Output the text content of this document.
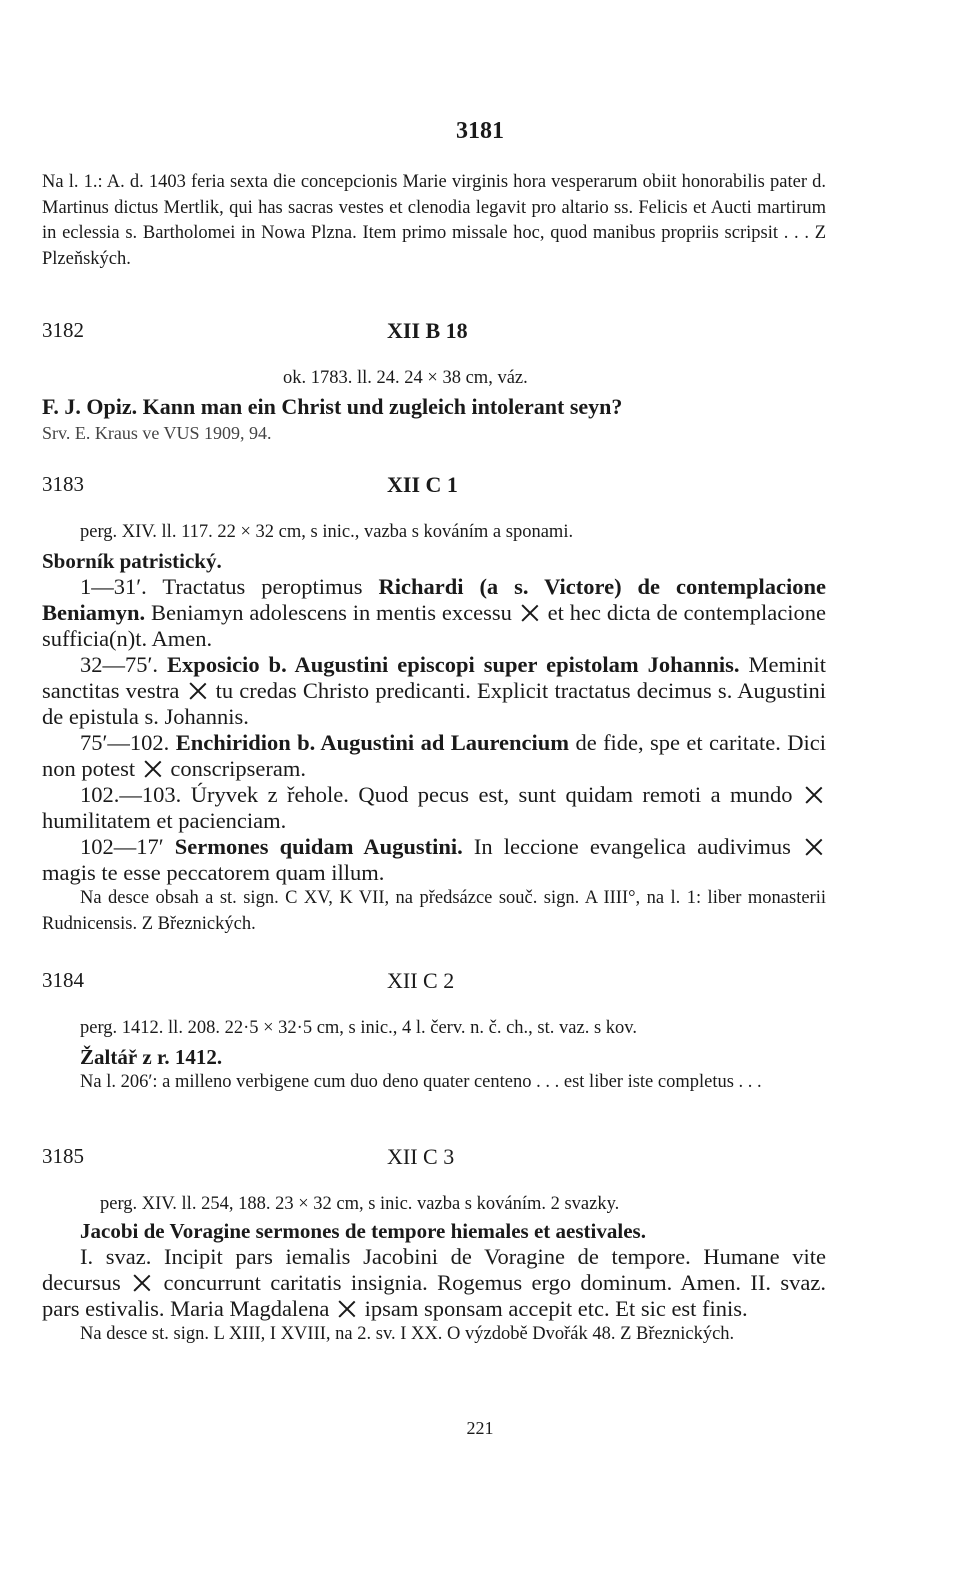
3181

Na l. 1.: A. d. 1403 feria sexta die concepcionis Marie virginis hora vesperarum obiit honorabilis pater d. Martinus dictus Mertlik, qui has sacras vestes et clenodia legavit pro altario ss. Felicis et Aucti martirum in eclessia s. Bartholomei in Nowa Plzna. Item primo missale hoc, quod manibus propriis scripsit . . . Z Plzeňských.

3182	XII B 18
ok. 1783. ll. 24. 24 × 38 cm, váz.

F. J. Opiz. Kann man ein Christ und zugleich intolerant seyn?

Srv. E. Kraus ve VUS 1909, 94.

3183	XII C 1
perg. XIV. ll. 117. 22 × 32 cm, s inic., vazba s kováním a sponami.

Sborník patristický.

1—31′. Tractatus peroptimus Richardi (a s. Victore) de contemplacione Beniamyn. Beniamyn adolescens in mentis excessu  et hec dicta de contemplacione sufficia(n)t. Amen.

32—75′. Exposicio b. Augustini episcopi super epistolam Johannis. Meminit sanctitas vestra  tu credas Christo predicanti. Explicit tractatus decimus s. Augustini de epistula s. Johannis.

75′—102. Enchiridion b. Augustini ad Laurencium de fide, spe et caritate. Dici non potest  conscripseram.

102.—103. Úryvek z řehole. Quod pecus est, sunt quidam remoti a mundo  humilitatem et pacienciam.

102—17′ Sermones quidam Augustini. In leccione evangelica audivimus  magis te esse peccatorem quam illum.

Na desce obsah a st. sign. C XV, K VII, na předsázce souč. sign. A IIII°, na l. 1: liber monasterii Rudnicensis. Z Březnických.

3184	XII C 2
perg. 1412. ll. 208. 22·5 × 32·5 cm, s inic., 4 l. červ. n. č. ch., st. vaz. s kov.

Žaltář z r. 1412.

Na l. 206′: a milleno verbigene cum duo deno quater centeno . . . est liber iste completus . . .

3185	XII C 3
perg. XIV. ll. 254, 188. 23 × 32 cm, s inic. vazba s kováním. 2 svazky.

Jacobi de Voragine sermones de tempore hiemales et aestivales.

I. svaz. Incipit pars iemalis Jacobini de Voragine de tempore. Humane vite decursus  concurrunt caritatis insignia. Rogemus ergo dominum. Amen. II. svaz. pars estivalis. Maria Magdalena  ipsam sponsam accepit etc. Et sic est finis.

Na desce st. sign. L XIII, I XVIII, na 2. sv. I XX. O výzdobě Dvořák 48. Z Březnických.

221
